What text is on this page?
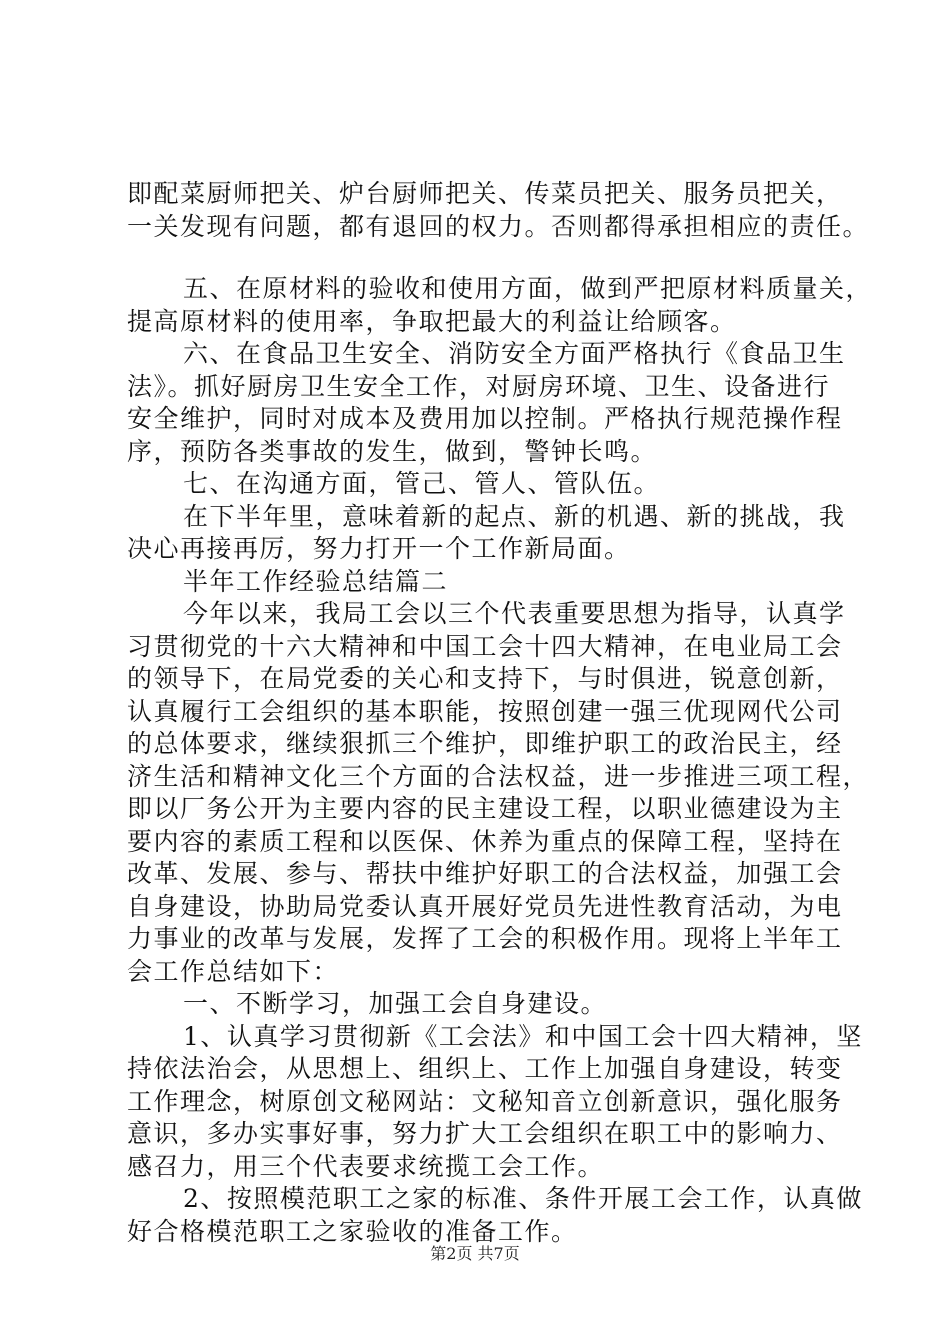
即配菜厨师把关、炉台厨师把关、传菜员把关、服务员把关，
一关发现有问题，都有退回的权力。否则都得承担相应的责任。
五、在原材料的验收和使用方面，做到严把原材料质量关，
提高原材料的使用率，争取把最大的利益让给顾客。
六、在食品卫生安全、消防安全方面严格执行《食品卫生
法》。抓好厨房卫生安全工作，对厨房环境、卫生、设备进行
安全维护，同时对成本及费用加以控制。严格执行规范操作程
序，预防各类事故的发生，做到，警钟长鸣。
七、在沟通方面，管己、管人、管队伍。
在下半年里，意味着新的起点、新的机遇、新的挑战，我
决心再接再厉，努力打开一个工作新局面。
半年工作经验总结篇二
今年以来，我局工会以三个代表重要思想为指导，认真学
习贯彻党的十六大精神和中国工会十四大精神，在电业局工会
的领导下，在局党委的关心和支持下，与时俱进，锐意创新，
认真履行工会组织的基本职能，按照创建一强三优现网代公司
的总体要求，继续狠抓三个维护，即维护职工的政治民主，经
济生活和精神文化三个方面的合法权益，进一步推进三项工程，
即以厂务公开为主要内容的民主建设工程，以职业德建设为主
要内容的素质工程和以医保、休养为重点的保障工程，坚持在
改革、发展、参与、帮扶中维护好职工的合法权益，加强工会
自身建设，协助局党委认真开展好党员先进性教育活动，为电
力事业的改革与发展，发挥了工会的积极作用。现将上半年工
会工作总结如下：
一、不断学习，加强工会自身建设。
1、认真学习贯彻新《工会法》和中国工会十四大精神，坚
持依法治会，从思想上、组织上、工作上加强自身建设，转变
工作理念，树原创文秘网站：文秘知音立创新意识，强化服务
意识，多办实事好事，努力扩大工会组织在职工中的影响力、
感召力，用三个代表要求统揽工会工作。
2、按照模范职工之家的标准、条件开展工会工作，认真做
好合格模范职工之家验收的准备工作。
第2页 共7页
